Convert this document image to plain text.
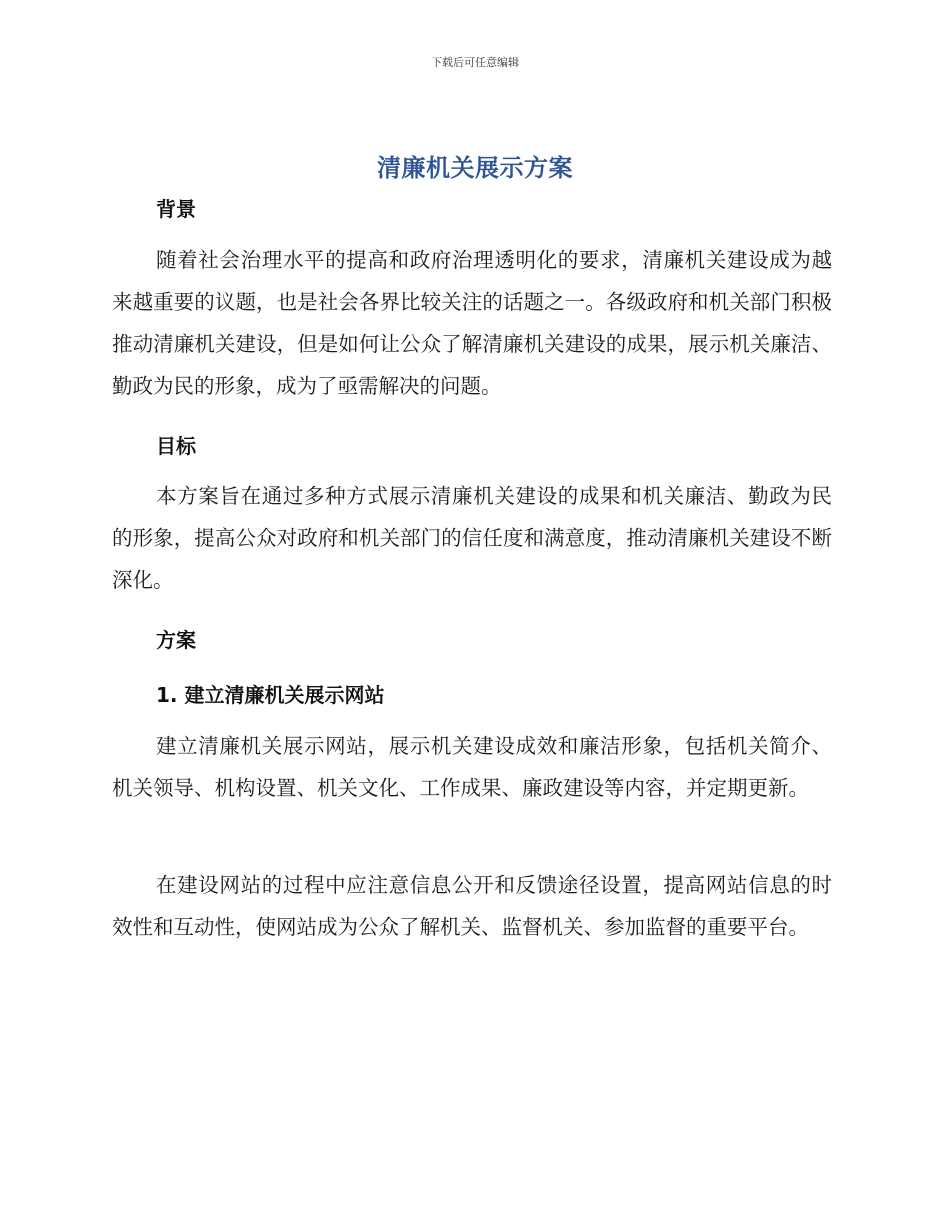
下载后可任意编辑
清廉机关展示方案
背景

随着社会治理水平的提高和政府治理透明化的要求，清廉机关建设成为越来越重要的议题，也是社会各界比较关注的话题之一。各级政府和机关部门积极推动清廉机关建设，但是如何让公众了解清廉机关建设的成果，展示机关廉洁、勤政为民的形象，成为了亟需解决的问题。

目标

本方案旨在通过多种方式展示清廉机关建设的成果和机关廉洁、勤政为民的形象，提高公众对政府和机关部门的信任度和满意度，推动清廉机关建设不断深化。

方案
1. 建立清廉机关展示网站

建立清廉机关展示网站，展示机关建设成效和廉洁形象，包括机关简介、机关领导、机构设置、机关文化、工作成果、廉政建设等内容，并定期更新。

在建设网站的过程中应注意信息公开和反馈途径设置，提高网站信息的时效性和互动性，使网站成为公众了解机关、监督机关、参加监督的重要平台。
